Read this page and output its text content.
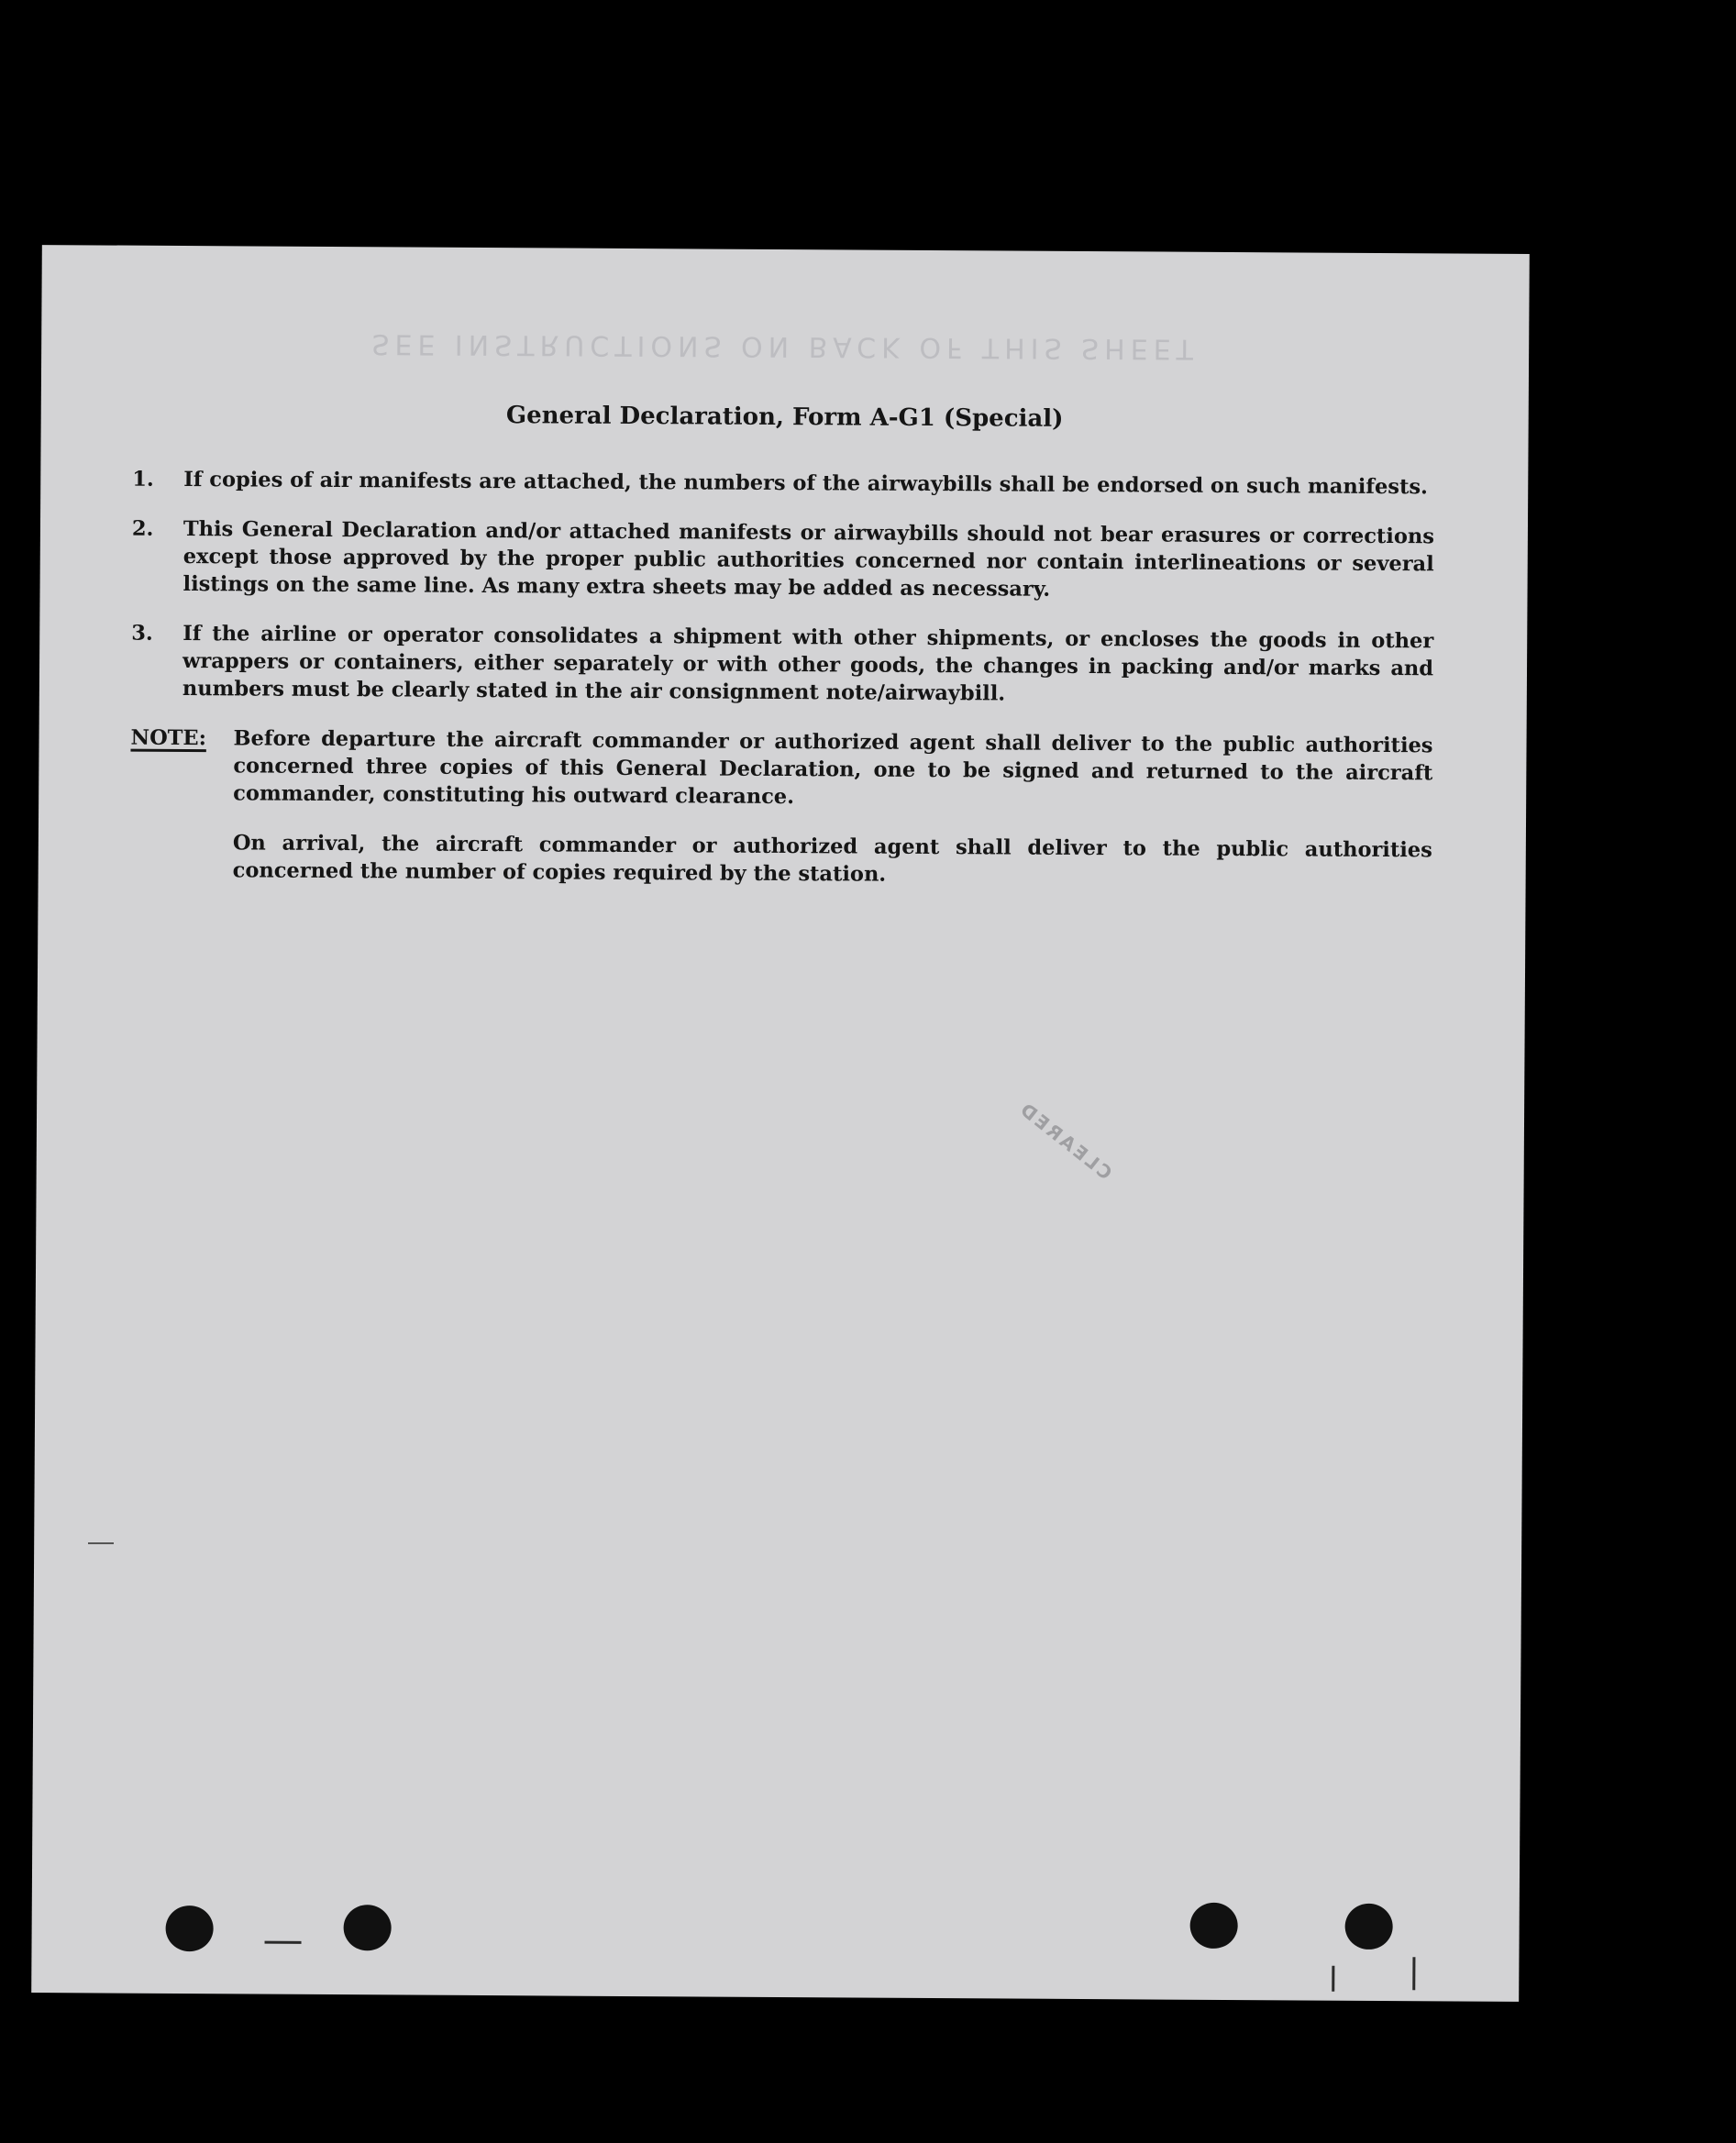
SEE INSTRUCTIONS ON BACK OF THIS SHEET
General Declaration, Form A-G1 (Special)
1.	If copies of air manifests are attached, the numbers of the airwaybills shall be endorsed on such manifests.
2.	This General Declaration and/or attached manifests or airwaybills should not bear erasures or corrections except those approved by the proper public authorities concerned nor contain interlineations or several listings on the same line. As many extra sheets may be added as necessary.
3.	If the airline or operator consolidates a shipment with other shipments, or encloses the goods in other wrappers or containers, either separately or with other goods, the changes in packing and/or marks and numbers must be clearly stated in the air consignment note/airwaybill.
NOTE: Before departure the aircraft commander or authorized agent shall deliver to the public authorities concerned three copies of this General Declaration, one to be signed and returned to the aircraft commander, constituting his outward clearance.
On arrival, the aircraft commander or authorized agent shall deliver to the public authorities concerned the number of copies required by the station.
CLEARED
